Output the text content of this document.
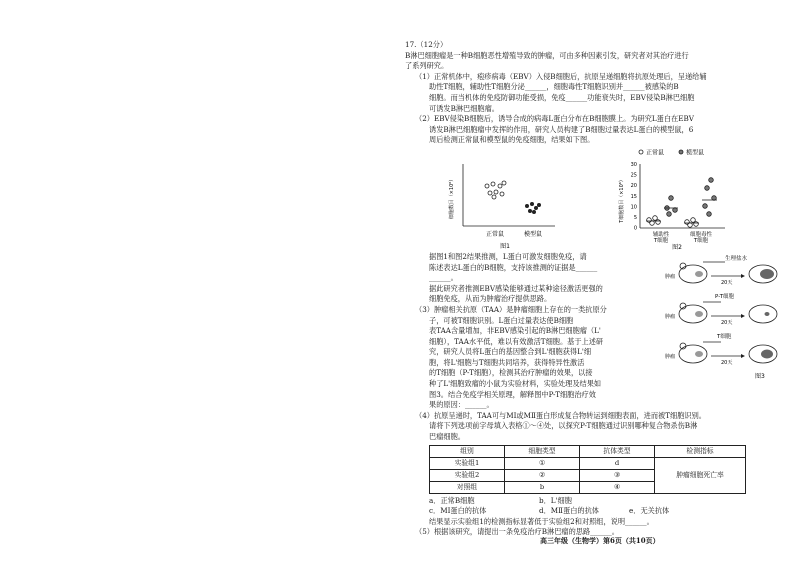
17.（12分）
B淋巴细胞瘤是一种B细胞恶性增殖导致的肿瘤，可由多种因素引发，研究者对其治疗进行
了系列研究。
（1）正常机体中，疱疹病毒（EBV）入侵B细胞后，抗原呈递细胞将抗原处理后，呈递给辅
助性T细胞，辅助性T细胞分泌______，细胞毒性T细胞识别并______被感染的B
细胞。而当机体的免疫防御功能受损，免疫______功能衰失时，EBV侵染B淋巴细胞
可诱发B淋巴细胞瘤。
（2）EBV侵染B细胞后，诱导合成的病毒L蛋白分布在B细胞膜上。为研究L蛋白在EBV
诱发B淋巴细胞瘤中发挥的作用，研究人员构建了B细胞过量表达L蛋白的模型鼠，6
周后检测正常鼠和模型鼠的免疫细胞，结果如下图。
细胞数目（×10⁶）
正常鼠	模型鼠
图1
正常鼠	模型鼠
T细胞数目（×10⁶）
30
25
20
15
10
5
0
辅助性
T细胞
细胞毒性
T细胞
图2
据图1和图2结果推测，L蛋白可激发细胞免疫，请
陈述表达L蛋白的B细胞，支持该推测的证据是______
______。
据此研究者推测EBV感染能够通过某种途径激活更强的
细胞免疫，从而为肿瘤治疗提供思路。
（3）肿瘤相关抗原（TAA）是肿瘤细胞上存在的一类抗原分
子，可被T细胞识别。L蛋白过量表达使B细胞
表TAA含量增加，非EBV感染引起的B淋巴细胞瘤（L'
细胞），TAA水平低，难以有效激活T细胞。基于上述研
究，研究人员将L蛋白的基因整合到L'细胞获得L'细
胞，将L'细胞与T细胞共同培养，获得特异性激活
的T细胞（P-T细胞），检测其治疗肿瘤的效果，以接
种了L'细胞致瘤的小鼠为实验材料，实验处理及结果如
图3。结合免疫学相关原理，解释图中P-T细胞治疗效
果的原因：______。
生理盐水
肿瘤
20天
P-T细胞
肿瘤
20天
T细胞
肿瘤
20天
图3
（4）抗原呈递时，TAA可与MⅠ或MⅡ蛋白形成复合物转运到细胞表面，进而被T细胞识别。
请将下列选项前字母填入表格①～④处，以探究P-T细胞通过识别哪种复合物杀伤B淋
巴瘤细胞。
组别	细胞类型	抗体类型	检测指标
实验组1	①	d	肿瘤细胞死亡率
实验组2	②	③	
对照组	b	④	
a．正常B细胞	b．L'细胞
c．MⅠ蛋白的抗体	d．MⅡ蛋白的抗体	e．无关抗体
结果显示实验组1的检测指标显著低于实验组2和对照组，说明______。
（5）根据该研究，请提出一条免疫治疗B淋巴瘤的思路______。
高三年级（生物学）第6页（共10页）
